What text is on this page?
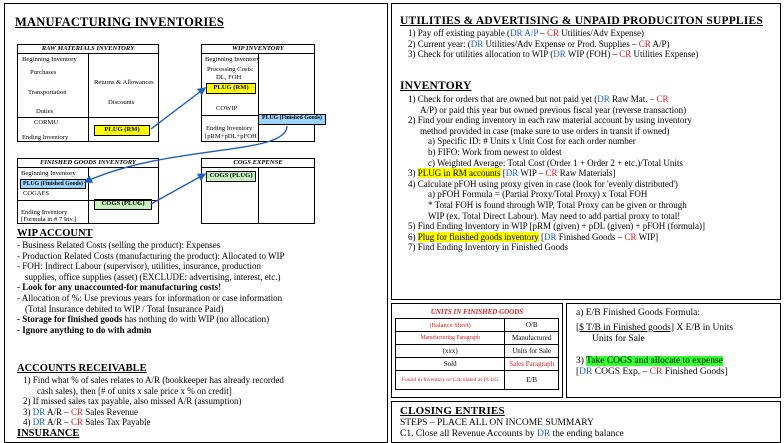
MANUFACTURING INVENTORIES
RAW MATERIALS INVENTORY
Beginning Inventory
Purchases
Transportation
Duties
CORMU
Ending Inventory
Returns & Allowances
Discounts
PLUG (RM)
WIP INVENTORY
Beginning Inventory
Processing Costs:
DL, FOH
PLUG (RM)
COWIP
Ending Inventory
[pRM+pDL+pFOH]
PLUG (Finished Goods)
FINISHED GOODS INVENTORY
Beginning Inventory
PLUG (Finished Goods)
COGAFS
COGS (PLUG)
Ending Inventory
[Formula in # 7 Inv.]
COGS EXPENSE
COGS (PLUG)
WIP ACCOUNT
- Business Related Costs (selling the product): Expenses
- Production Related Costs (manufacturing the product): Allocated to WIP
- FOH: Indirect Labour (supervisor), utilities, insurance, production
supplies, office supplies (asset) (EXCLUDE: advertising, interest, etc.)
- Look for any unaccounted-for manufacturing costs!
- Allocation of %: Use previous years for information or case information
(Total Insurance debited to WIP / Total Insurance Paid)
- Storage for finished goods has nothing do with WIP (no allocation)
- Ignore anything to do with admin
ACCOUNTS RECEIVABLE
1) Find what % of sales relates to A/R (bookkeeper has already recorded
cash sales), then [# of units x sale price x % on credit]
2) If missed sales tax payable, also missed A/R (assumption)
3) DR A/R – CR Sales Revenue
4) DR A/R – CR Sales Tax Payable
INSURANCE
UTILITIES & ADVERTISING & UNPAID PRODUCITON SUPPLIES
1) Pay off existing payable (DR A/P – CR Utilities/Adv Expense)
2) Current year: (DR Utilities/Adv Expense or Prod. Supplies – CR A/P)
3) Check for utilities allocation to WIP (DR WIP (FOH) – CR Utilities Expense)
INVENTORY
1) Check for orders that are owned but not paid yet (DR Raw Mat. – CR
A/P) or paid this year but owned previous fiscal year (reverse transaction)
2) Find your ending inventory in each raw material account by using inventory
method provided in case (make sure to use orders in transit if owned)
a) Specific ID: # Units x Unit Cost for each order number
b) FIFO: Work from newest to oldest
c) Weighted Average: Total Cost (Order 1 + Order 2 + etc.)/Total Units
3) PLUG in RM accounts [DR WIP – CR Raw Materials]
4) Calculate pFOH using proxy given in case (look for 'evenly distributed')
a) pFOH Formula = (Partial Proxy/Total Proxy) x Total FOH
* Total FOH is found through WIP, Total Proxy can be given or through
WIP (ex. Total Direct Labour). May need to add partial proxy to total!
5) Find Ending Inventory in WIP [pRM (given) + pDL (given) + pFOH (formula)]
6) Plug for finished goods inventory [DR Finished Goods – CR WIP]
7) Find Ending Inventory in Finished Goods
UNITS IN FINISHED GOODS	
(Balance Sheet)	O/B
Manufacturing Paragraph	Manufactured
(xxx)	Units for Sale
Sold	Sales Paragraph
Found in Inventory or Calculated as PLUG	E/B
a) E/B Finished Goods Formula:
[$ T/B in Finished goods] X E/B in Units
Units for Sale
3) Take COGS and allocate to expense
[DR COGS Exp. – CR Finished Goods]
CLOSING ENTRIES
STEPS – PLACE ALL ON INCOME SUMMARY
C1. Close all Revenue Accounts by DR the ending balance
